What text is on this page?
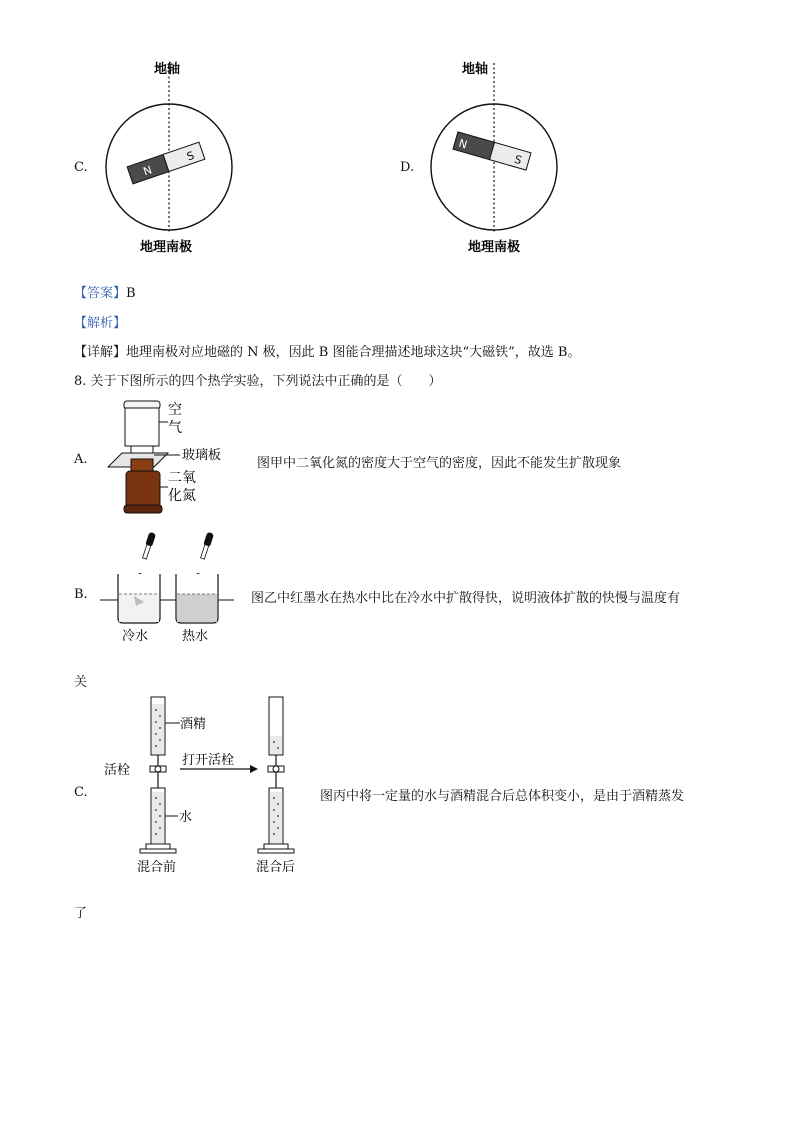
C.
地轴
地理南极
N
S
D.
地轴
地理南极
N
S
【答案】B
【解析】
【详解】地理南极对应地磁的 N 极，因此 B 图能合理描述地球这块“大磁铁”，故选 B。
8. 关于下图所示的四个热学实验，下列说法中正确的是（　　）
A.
空
气
玻璃板
二氧
化氮
图甲中二氧化氮的密度大于空气的密度，因此不能发生扩散现象
B.
冷水	热水
图乙中红墨水在热水中比在冷水中扩散得快，说明液体扩散的快慢与温度有
关
C.
酒精
活栓
打开活栓
水
混合前	混合后
图丙中将一定量的水与酒精混合后总体积变小，是由于酒精蒸发
了
